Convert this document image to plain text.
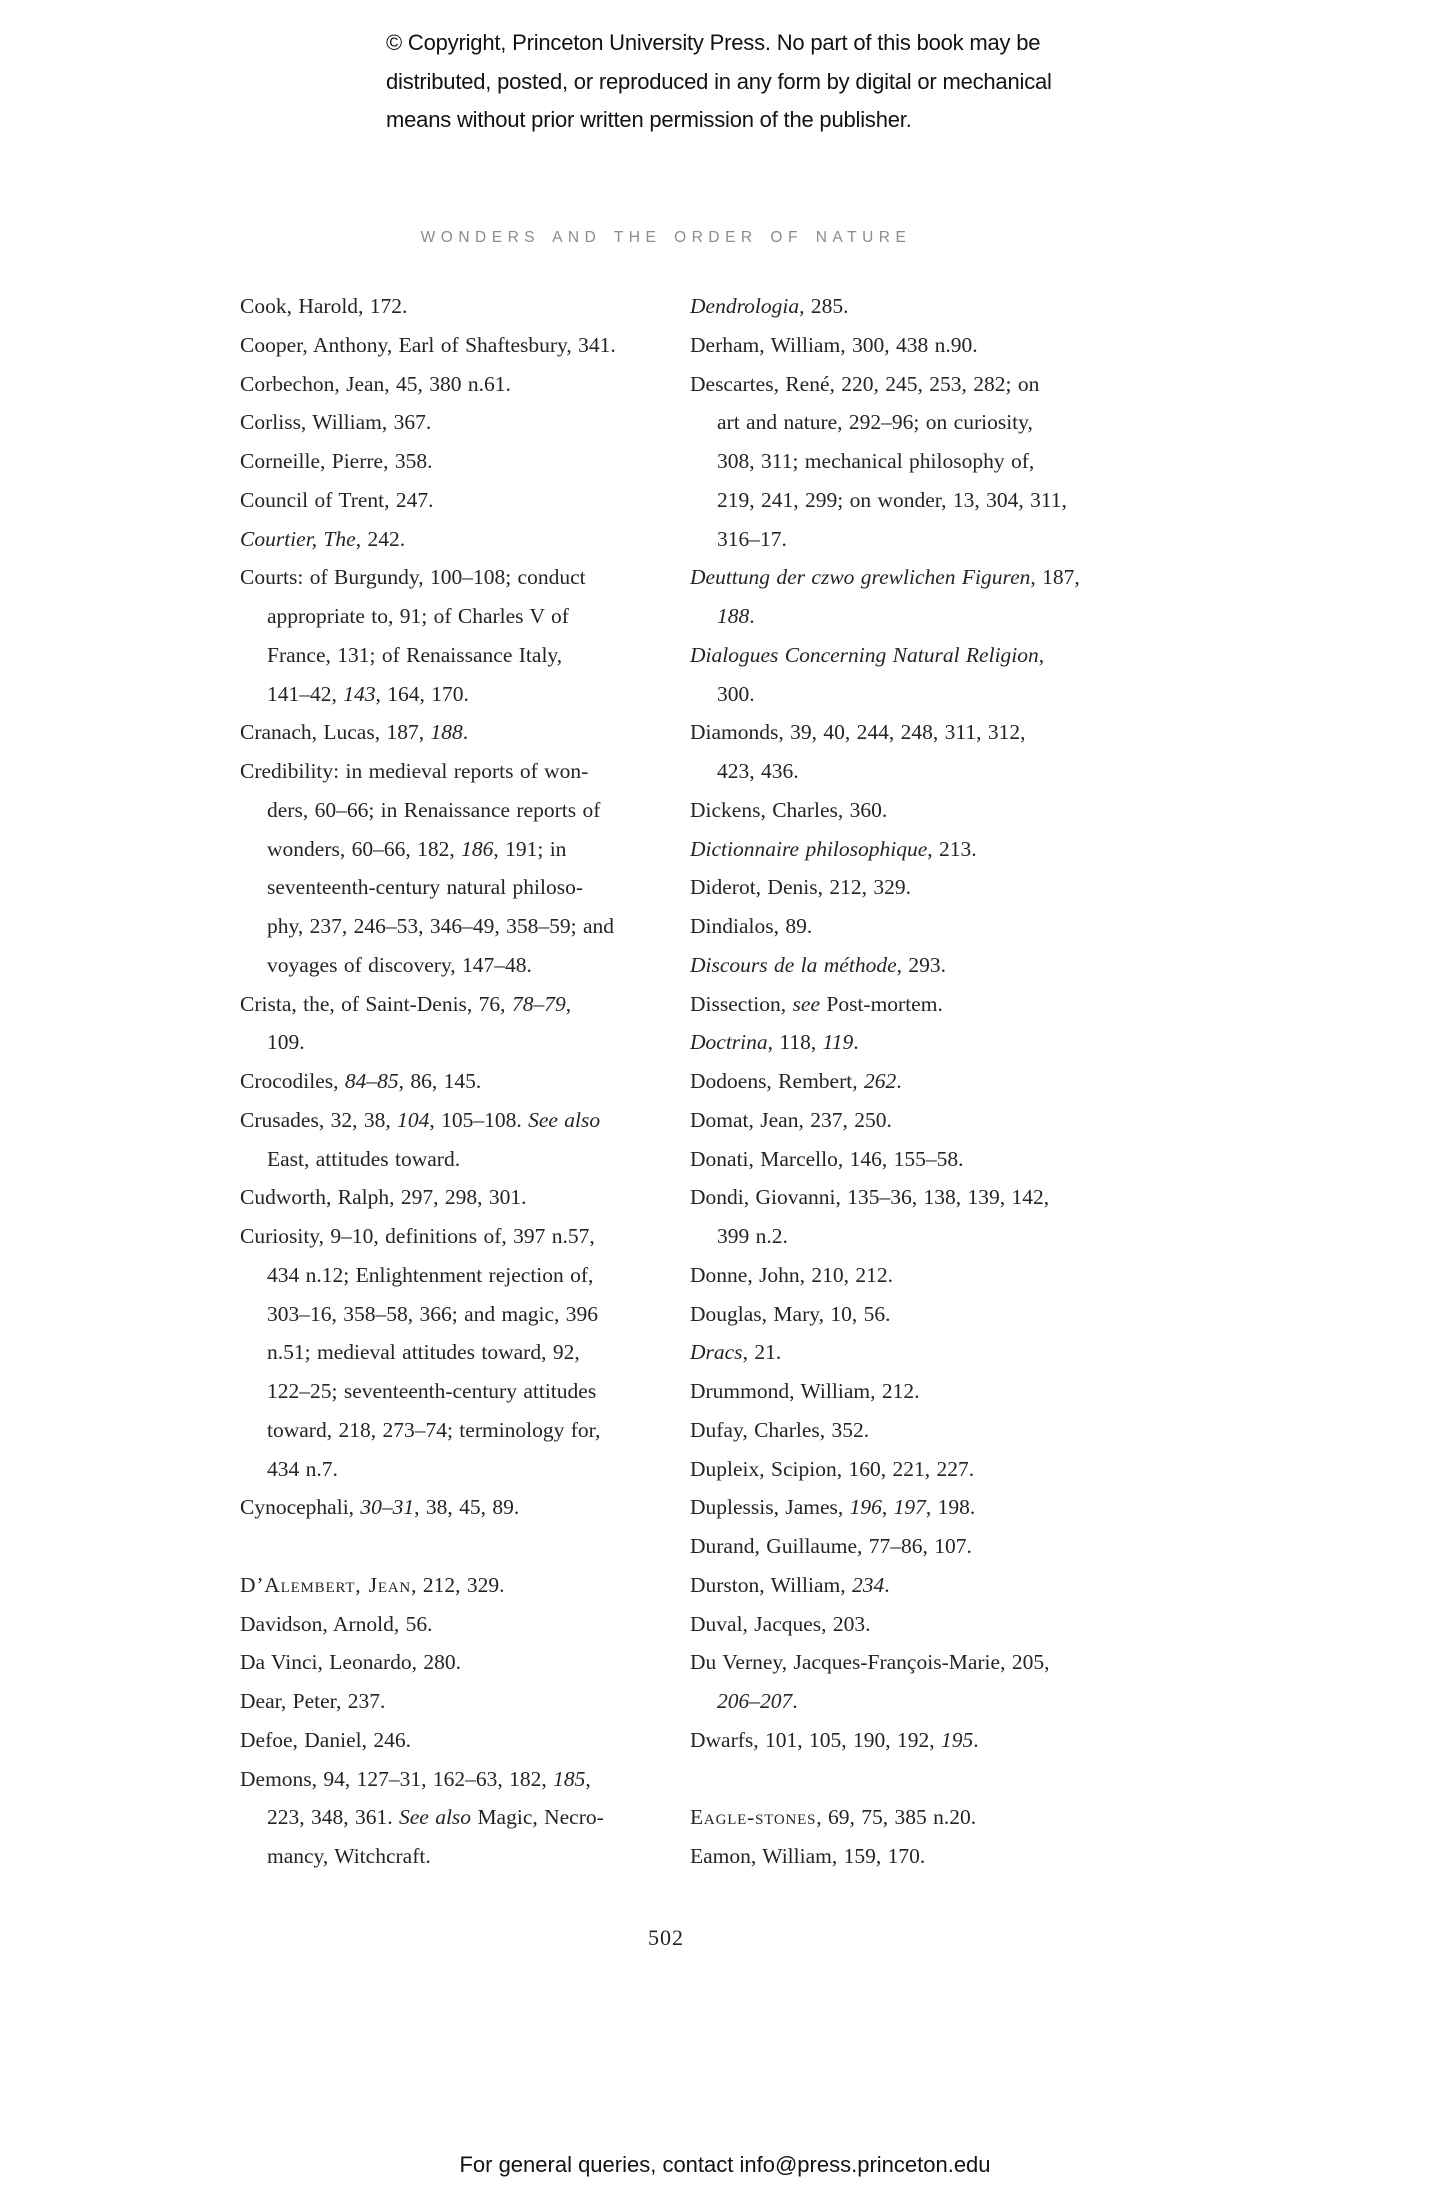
© Copyright, Princeton University Press. No part of this book may be
distributed, posted, or reproduced in any form by digital or mechanical
means without prior written permission of the publisher.
WONDERS AND THE ORDER OF NATURE
Cook, Harold, 172.
Cooper, Anthony, Earl of Shaftesbury, 341.
Corbechon, Jean, 45, 380 n.61.
Corliss, William, 367.
Corneille, Pierre, 358.
Council of Trent, 247.
Courtier, The, 242.
Courts: of Burgundy, 100–108; conduct
appropriate to, 91; of Charles V of
France, 131; of Renaissance Italy,
141–42, 143, 164, 170.
Cranach, Lucas, 187, 188.
Credibility: in medieval reports of won-
ders, 60–66; in Renaissance reports of
wonders, 60–66, 182, 186, 191; in
seventeenth-century natural philoso-
phy, 237, 246–53, 346–49, 358–59; and
voyages of discovery, 147–48.
Crista, the, of Saint-Denis, 76, 78–79,
109.
Crocodiles, 84–85, 86, 145.
Crusades, 32, 38, 104, 105–108. See also
East, attitudes toward.
Cudworth, Ralph, 297, 298, 301.
Curiosity, 9–10, definitions of, 397 n.57,
434 n.12; Enlightenment rejection of,
303–16, 358–58, 366; and magic, 396
n.51; medieval attitudes toward, 92,
122–25; seventeenth-century attitudes
toward, 218, 273–74; terminology for,
434 n.7.
Cynocephali, 30–31, 38, 45, 89.
D’Alembert, Jean, 212, 329.
Davidson, Arnold, 56.
Da Vinci, Leonardo, 280.
Dear, Peter, 237.
Defoe, Daniel, 246.
Demons, 94, 127–31, 162–63, 182, 185,
223, 348, 361. See also Magic, Necro-
mancy, Witchcraft.
Dendrologia, 285.
Derham, William, 300, 438 n.90.
Descartes, René, 220, 245, 253, 282; on
art and nature, 292–96; on curiosity,
308, 311; mechanical philosophy of,
219, 241, 299; on wonder, 13, 304, 311,
316–17.
Deuttung der czwo grewlichen Figuren, 187,
188.
Dialogues Concerning Natural Religion,
300.
Diamonds, 39, 40, 244, 248, 311, 312,
423, 436.
Dickens, Charles, 360.
Dictionnaire philosophique, 213.
Diderot, Denis, 212, 329.
Dindialos, 89.
Discours de la méthode, 293.
Dissection, see Post-mortem.
Doctrina, 118, 119.
Dodoens, Rembert, 262.
Domat, Jean, 237, 250.
Donati, Marcello, 146, 155–58.
Dondi, Giovanni, 135–36, 138, 139, 142,
399 n.2.
Donne, John, 210, 212.
Douglas, Mary, 10, 56.
Dracs, 21.
Drummond, William, 212.
Dufay, Charles, 352.
Dupleix, Scipion, 160, 221, 227.
Duplessis, James, 196, 197, 198.
Durand, Guillaume, 77–86, 107.
Durston, William, 234.
Duval, Jacques, 203.
Du Verney, Jacques-François-Marie, 205,
206–207.
Dwarfs, 101, 105, 190, 192, 195.
Eagle-stones, 69, 75, 385 n.20.
Eamon, William, 159, 170.
502
For general queries, contact info@press.princeton.edu
